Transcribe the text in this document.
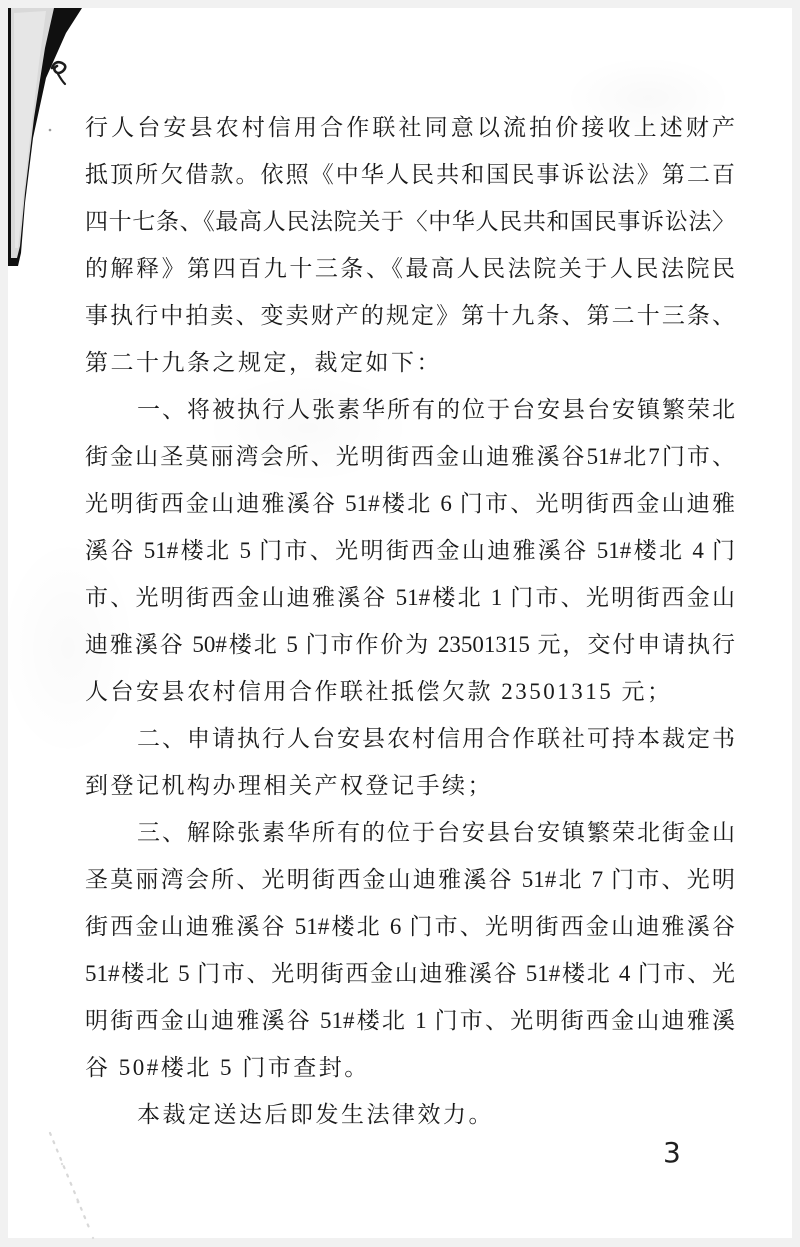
行人台安县农村信用合作联社同意以流拍价接收上述财产
抵顶所欠借款。依照《中华人民共和国民事诉讼法》第二百
四十七条、《最高人民法院关于〈中华人民共和国民事诉讼法〉
的解释》第四百九十三条、《最高人民法院关于人民法院民
事执行中拍卖、变卖财产的规定》第十九条、第二十三条、
第二十九条之规定，裁定如下：
一、将被执行人张素华所有的位于台安县台安镇繁荣北
街金山圣莫丽湾会所、光明街西金山迪雅溪谷51#北7门市、
光明街西金山迪雅溪谷 51#楼北 6 门市、光明街西金山迪雅
溪谷 51#楼北 5 门市、光明街西金山迪雅溪谷 51#楼北 4 门
市、光明街西金山迪雅溪谷 51#楼北 1 门市、光明街西金山
迪雅溪谷 50#楼北 5 门市作价为 23501315 元，交付申请执行
人台安县农村信用合作联社抵偿欠款 23501315 元；
二、申请执行人台安县农村信用合作联社可持本裁定书
到登记机构办理相关产权登记手续；
三、解除张素华所有的位于台安县台安镇繁荣北街金山
圣莫丽湾会所、光明街西金山迪雅溪谷 51#北 7 门市、光明
街西金山迪雅溪谷 51#楼北 6 门市、光明街西金山迪雅溪谷
51#楼北 5 门市、光明街西金山迪雅溪谷 51#楼北 4 门市、光
明街西金山迪雅溪谷 51#楼北 1 门市、光明街西金山迪雅溪
谷 50#楼北 5 门市查封。
本裁定送达后即发生法律效力。
3
